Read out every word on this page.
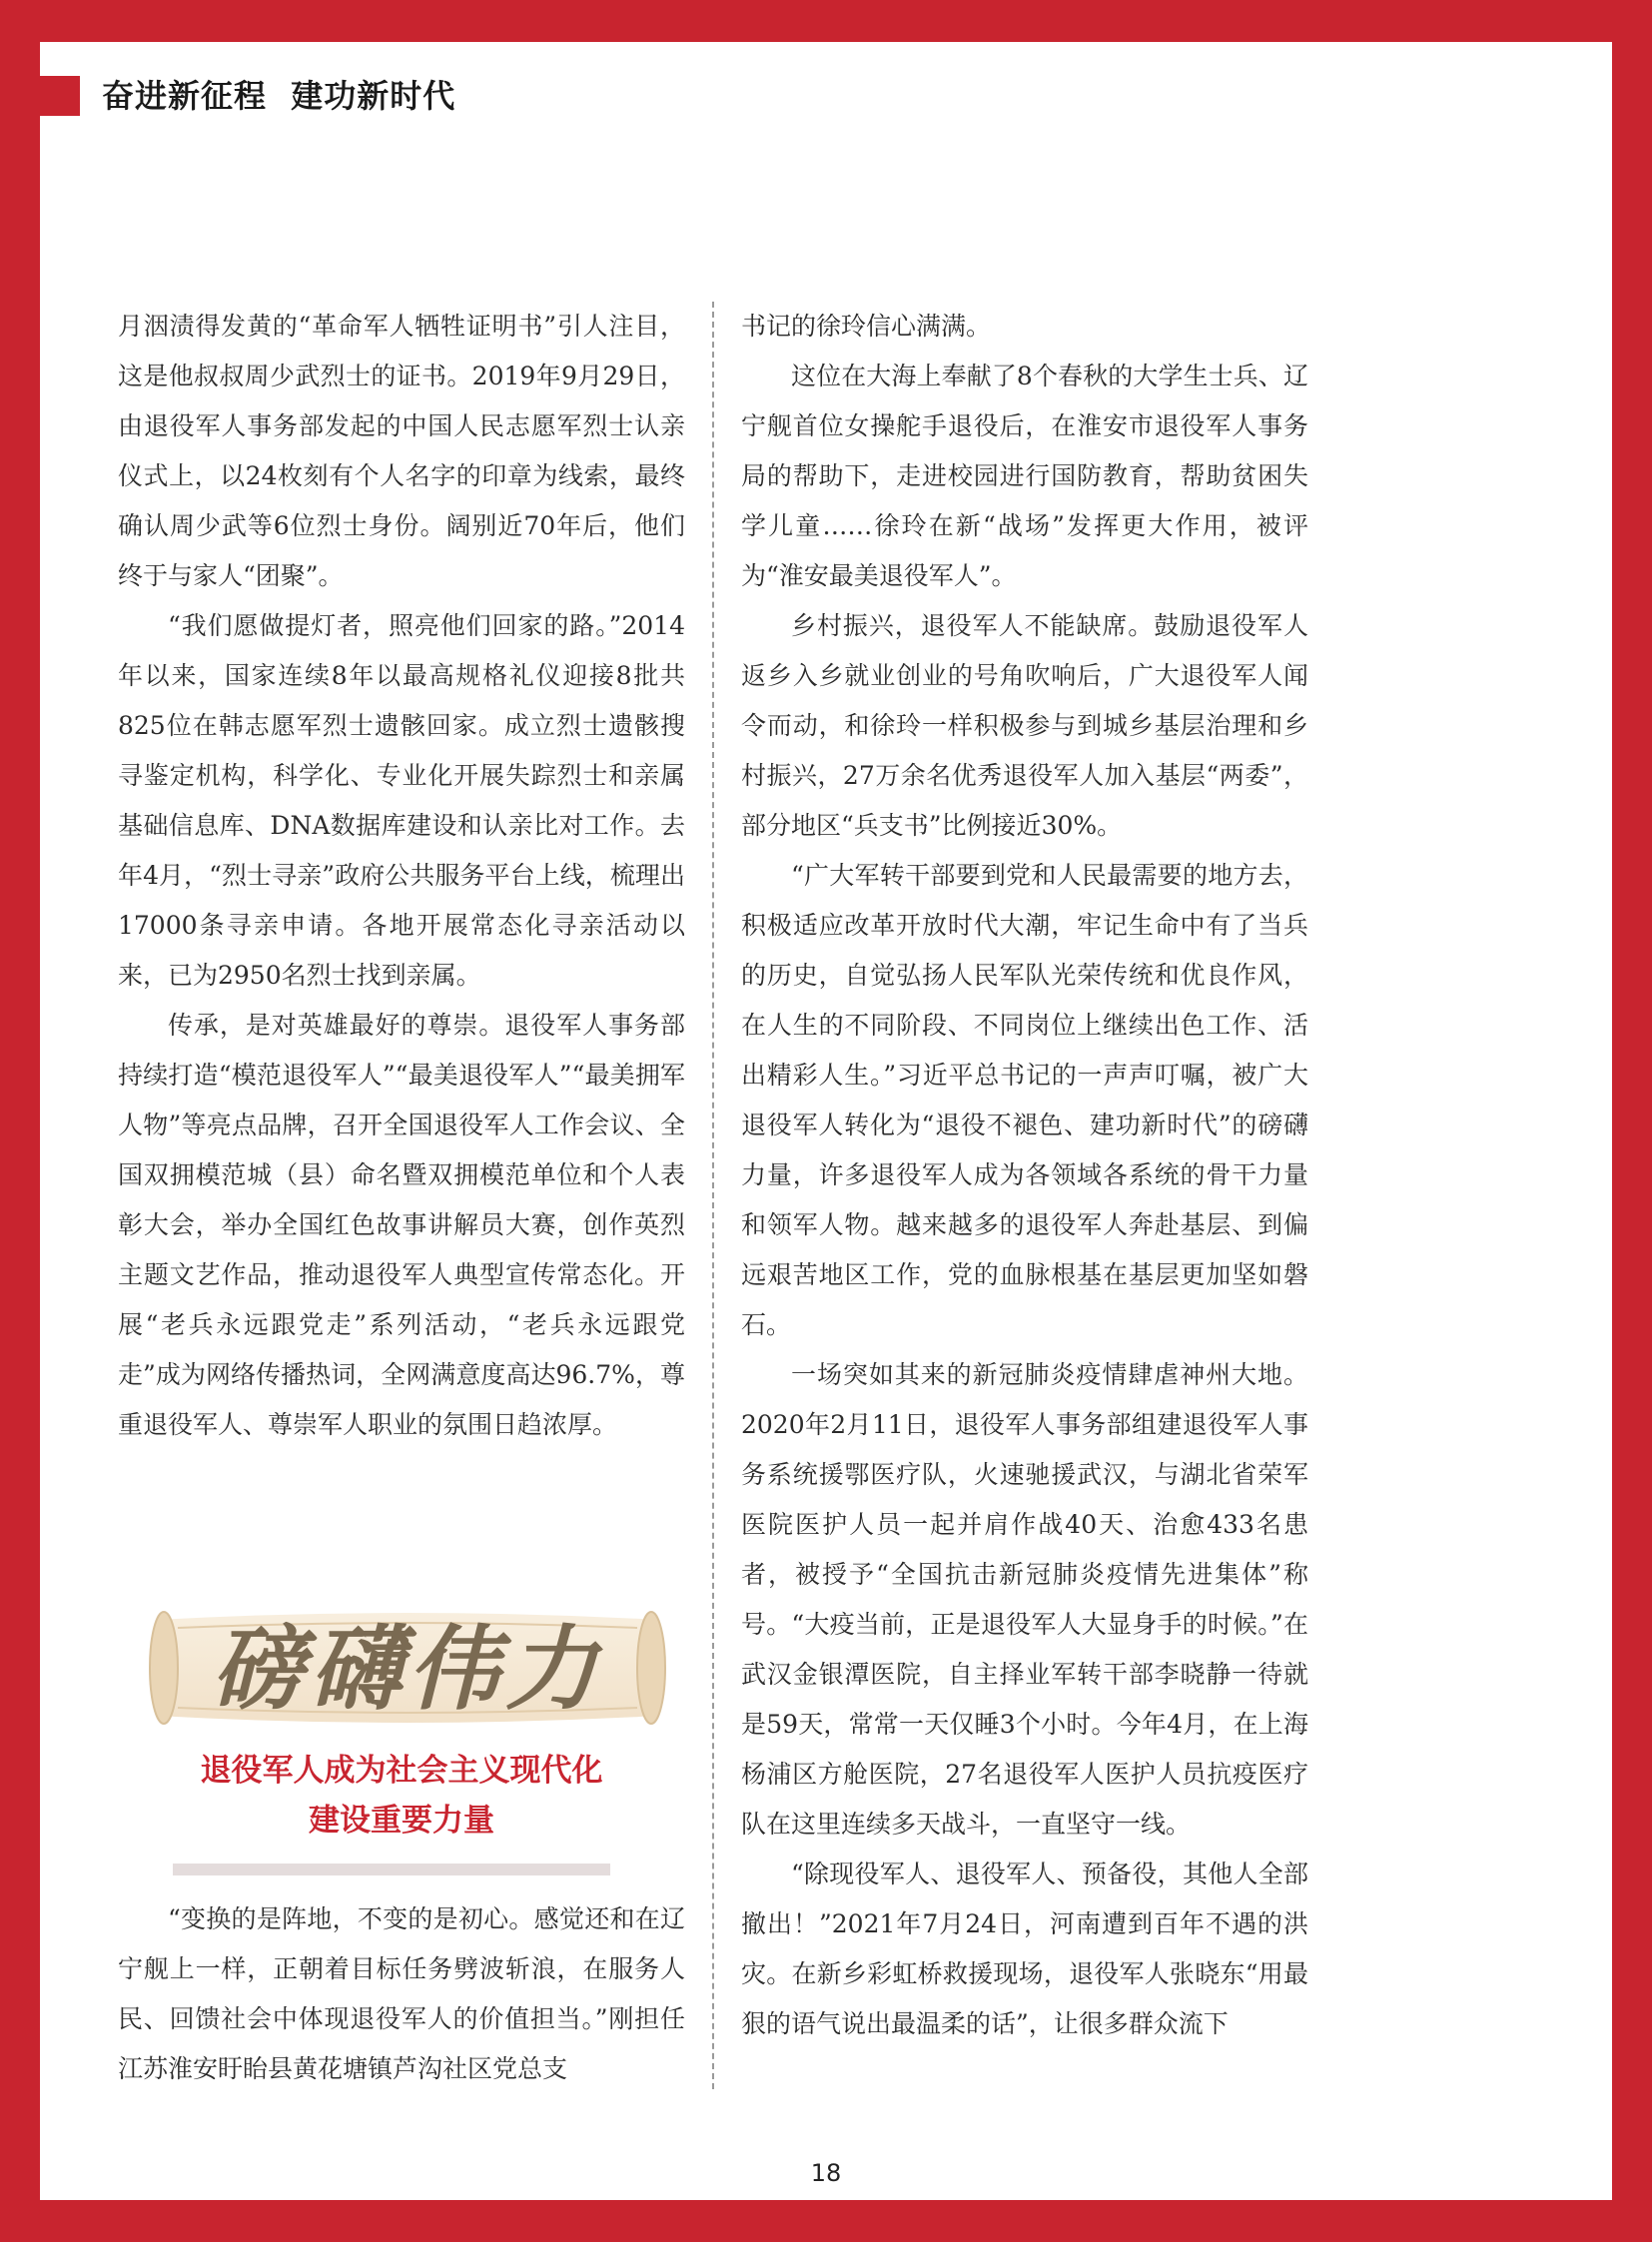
奋进新征程  建功新时代

月洇渍得发黄的“革命军人牺牲证明书”引人注目，这是他叔叔周少武烈士的证书。2019年9月29日，由退役军人事务部发起的中国人民志愿军烈士认亲仪式上，以24枚刻有个人名字的印章为线索，最终确认周少武等6位烈士身份。阔别近70年后，他们终于与家人“团聚”。

“我们愿做提灯者，照亮他们回家的路。”2014年以来，国家连续8年以最高规格礼仪迎接8批共825位在韩志愿军烈士遗骸回家。成立烈士遗骸搜寻鉴定机构，科学化、专业化开展失踪烈士和亲属基础信息库、DNA数据库建设和认亲比对工作。去年4月，“烈士寻亲”政府公共服务平台上线，梳理出17000条寻亲申请。各地开展常态化寻亲活动以来，已为2950名烈士找到亲属。

传承，是对英雄最好的尊崇。退役军人事务部持续打造“模范退役军人”“最美退役军人”“最美拥军人物”等亮点品牌，召开全国退役军人工作会议、全国双拥模范城（县）命名暨双拥模范单位和个人表彰大会，举办全国红色故事讲解员大赛，创作英烈主题文艺作品，推动退役军人典型宣传常态化。开展“老兵永远跟党走”系列活动，“老兵永远跟党走”成为网络传播热词，全网满意度高达96.7%，尊重退役军人、尊崇军人职业的氛围日趋浓厚。

磅礴伟力
退役军人成为社会主义现代化
建设重要力量

“变换的是阵地，不变的是初心。感觉还和在辽宁舰上一样，正朝着目标任务劈波斩浪，在服务人民、回馈社会中体现退役军人的价值担当。”刚担任江苏淮安盱眙县黄花塘镇芦沟社区党总支

书记的徐玲信心满满。

这位在大海上奉献了8个春秋的大学生士兵、辽宁舰首位女操舵手退役后，在淮安市退役军人事务局的帮助下，走进校园进行国防教育，帮助贫困失学儿童……徐玲在新“战场”发挥更大作用，被评为“淮安最美退役军人”。

乡村振兴，退役军人不能缺席。鼓励退役军人返乡入乡就业创业的号角吹响后，广大退役军人闻令而动，和徐玲一样积极参与到城乡基层治理和乡村振兴，27万余名优秀退役军人加入基层“两委”，部分地区“兵支书”比例接近30%。

“广大军转干部要到党和人民最需要的地方去，积极适应改革开放时代大潮，牢记生命中有了当兵的历史，自觉弘扬人民军队光荣传统和优良作风，在人生的不同阶段、不同岗位上继续出色工作、活出精彩人生。”习近平总书记的一声声叮嘱，被广大退役军人转化为“退役不褪色、建功新时代”的磅礴力量，许多退役军人成为各领域各系统的骨干力量和领军人物。越来越多的退役军人奔赴基层、到偏远艰苦地区工作，党的血脉根基在基层更加坚如磐石。

一场突如其来的新冠肺炎疫情肆虐神州大地。2020年2月11日，退役军人事务部组建退役军人事务系统援鄂医疗队，火速驰援武汉，与湖北省荣军医院医护人员一起并肩作战40天、治愈433名患者，被授予“全国抗击新冠肺炎疫情先进集体”称号。“大疫当前，正是退役军人大显身手的时候。”在武汉金银潭医院，自主择业军转干部李晓静一待就是59天，常常一天仅睡3个小时。今年4月，在上海杨浦区方舱医院，27名退役军人医护人员抗疫医疗队在这里连续多天战斗，一直坚守一线。

“除现役军人、退役军人、预备役，其他人全部撤出！”2021年7月24日，河南遭到百年不遇的洪灾。在新乡彩虹桥救援现场，退役军人张晓东“用最狠的语气说出最温柔的话”，让很多群众流下

18
